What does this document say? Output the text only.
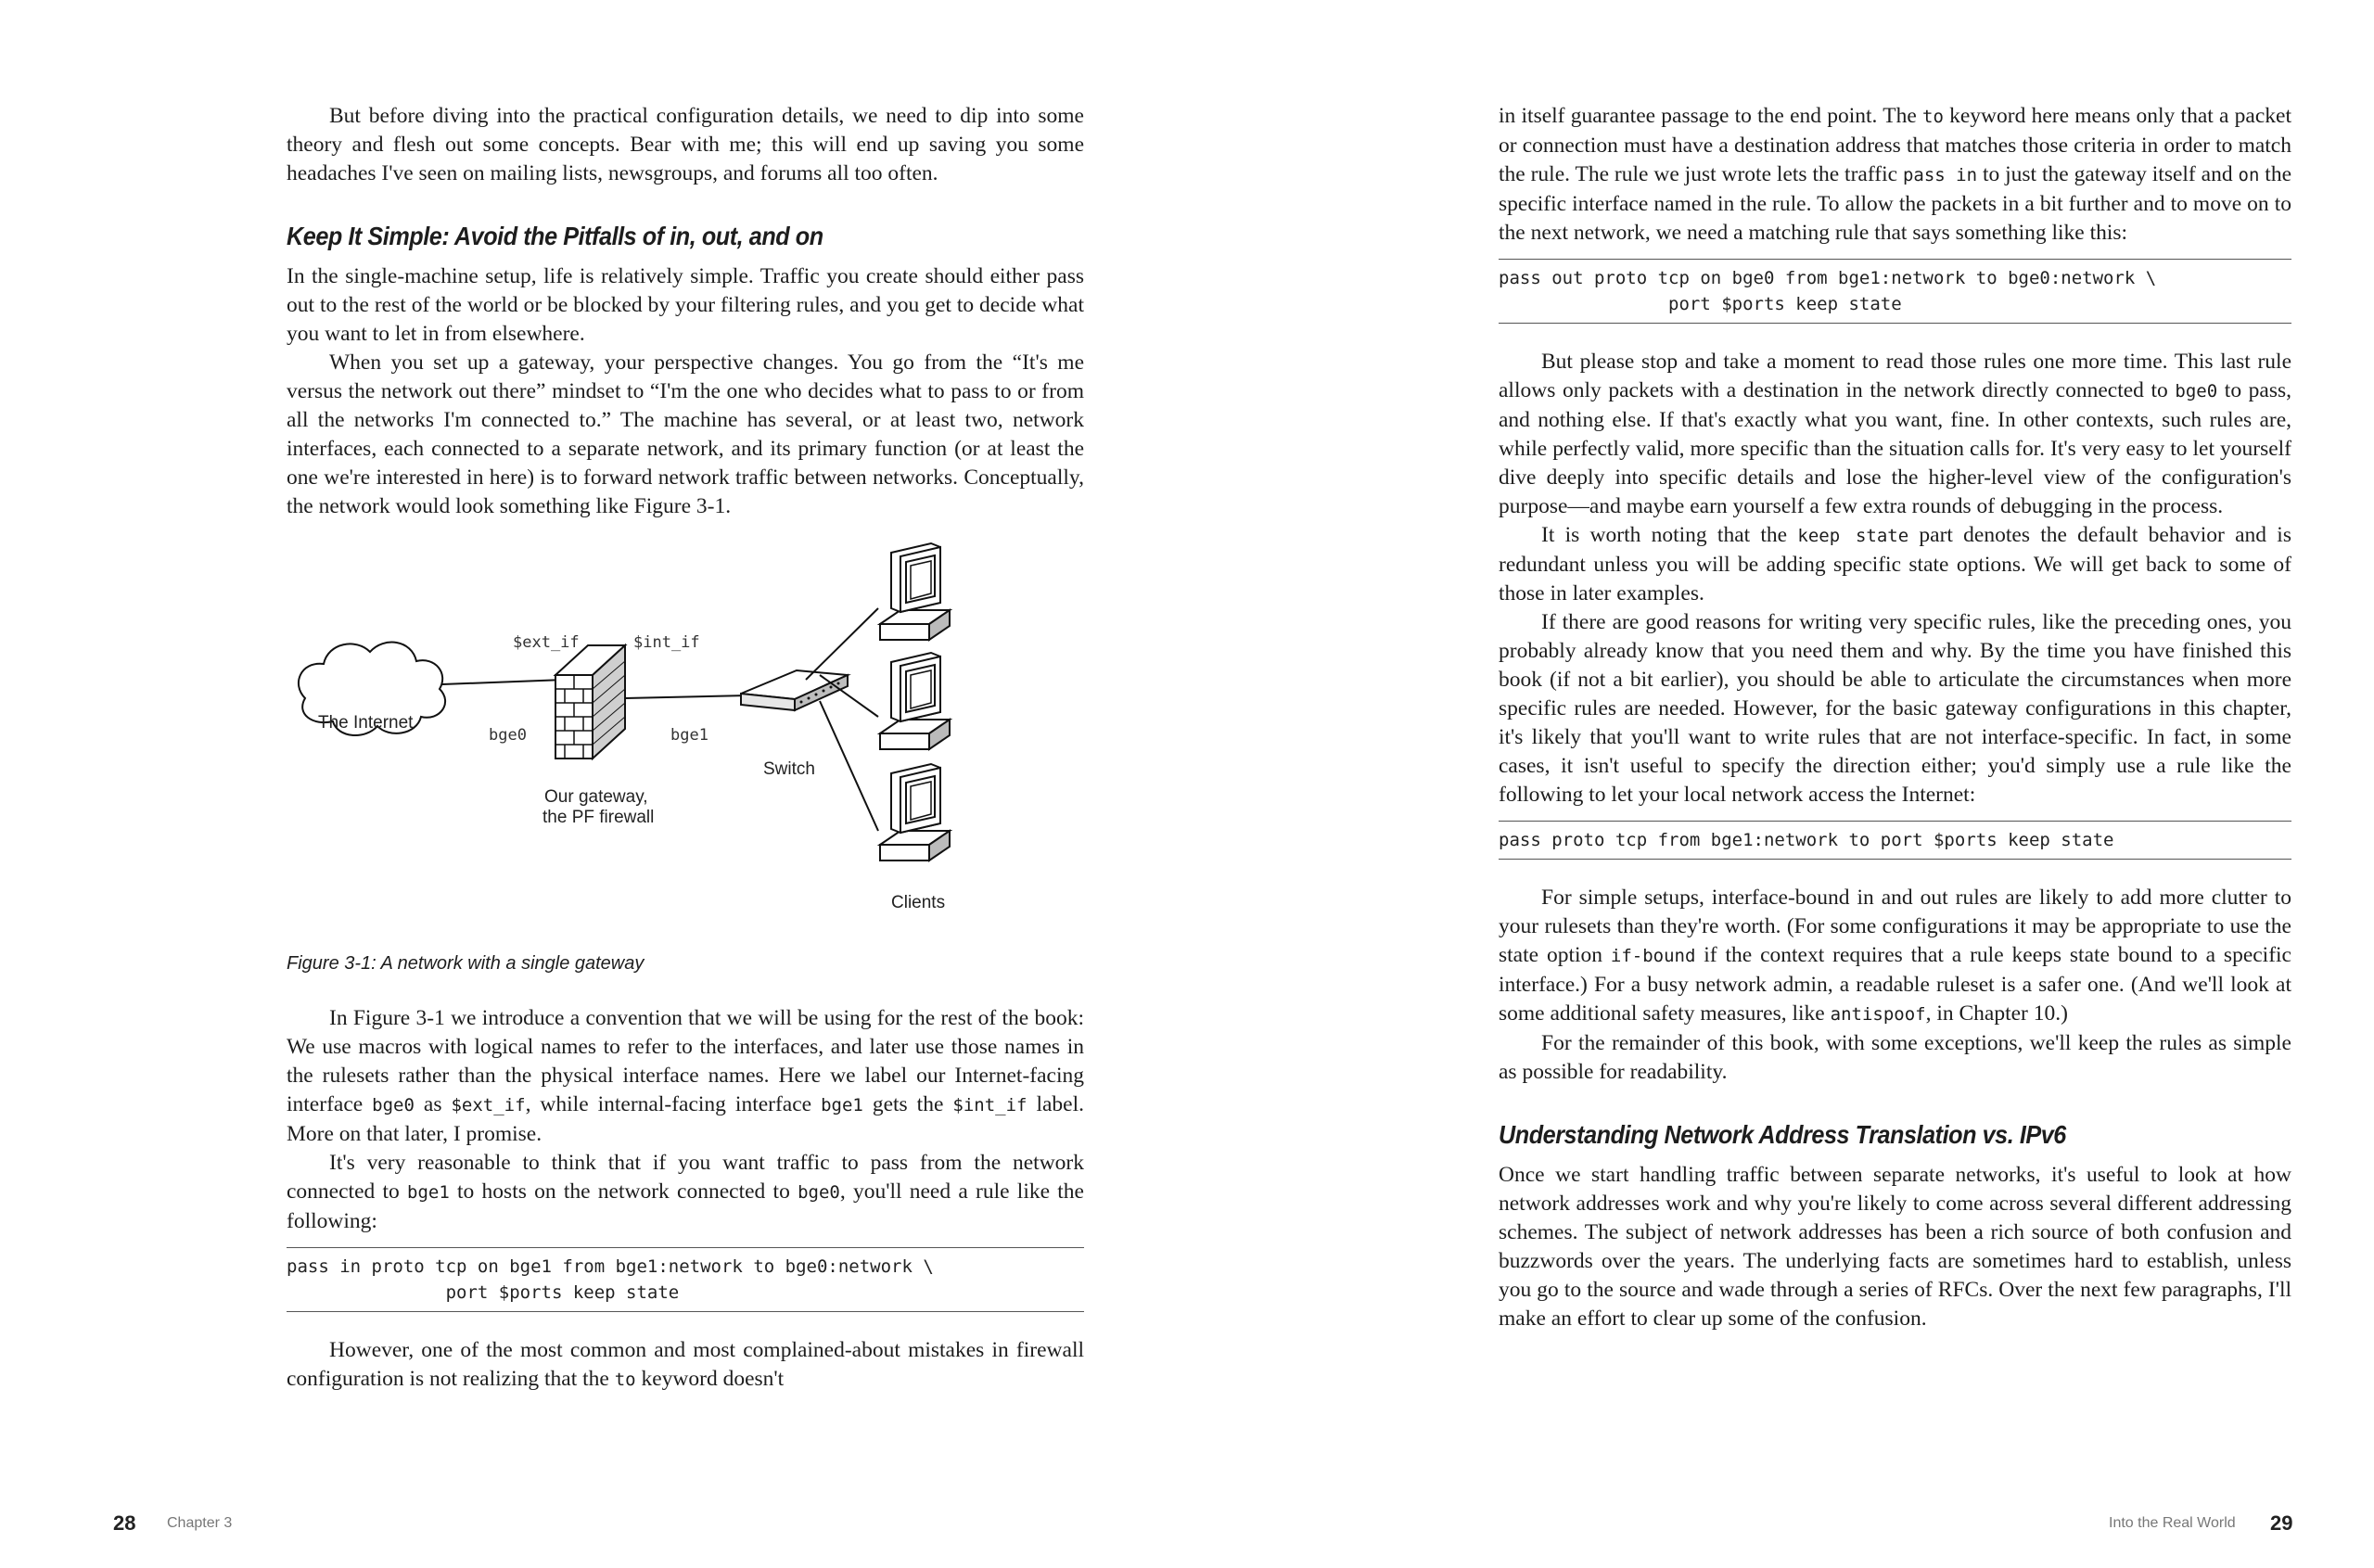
But before diving into the practical configuration details, we need to dip into some theory and flesh out some concepts. Bear with me; this will end up saving you some headaches I've seen on mailing lists, newsgroups, and forums all too often.

Keep It Simple: Avoid the Pitfalls of in, out, and on

In the single-machine setup, life is relatively simple. Traffic you create should either pass out to the rest of the world or be blocked by your filtering rules, and you get to decide what you want to let in from elsewhere.

When you set up a gateway, your perspective changes. You go from the “It's me versus the network out there” mindset to “I'm the one who decides what to pass to or from all the networks I'm connected to.” The machine has several, or at least two, network interfaces, each connected to a separate network, and its primary function (or at least the one we're interested in here) is to forward network traffic between networks. Conceptually, the network would look something like Figure 3-1.

The Internet
$ext_if	$int_if
bge0	bge1
Our gateway,
the PF firewall
Switch
Clients
Figure 3-1: A network with a single gateway

In Figure 3-1 we introduce a convention that we will be using for the rest of the book: We use macros with logical names to refer to the interfaces, and later use those names in the rulesets rather than the physical interface names. Here we label our Internet-facing interface bge0 as $ext_if, while internal-facing interface bge1 gets the $int_if label. More on that later, I promise.

It's very reasonable to think that if you want traffic to pass from the network connected to bge1 to hosts on the network connected to bge0, you'll need a rule like the following:

pass in proto tcp on bge1 from bge1:network to bge0:network \
port $ports keep state

However, one of the most common and most complained-about mistakes in firewall configuration is not realizing that the to keyword doesn't

28 Chapter 3

in itself guarantee passage to the end point. The to keyword here means only that a packet or connection must have a destination address that matches those criteria in order to match the rule. The rule we just wrote lets the traffic pass in to just the gateway itself and on the specific interface named in the rule. To allow the packets in a bit further and to move on to the next network, we need a matching rule that says something like this:

pass out proto tcp on bge0 from bge1:network to bge0:network \
port $ports keep state

But please stop and take a moment to read those rules one more time. This last rule allows only packets with a destination in the network directly connected to bge0 to pass, and nothing else. If that's exactly what you want, fine. In other contexts, such rules are, while perfectly valid, more specific than the situation calls for. It's very easy to let yourself dive deeply into specific details and lose the higher-level view of the configuration's purpose—and maybe earn yourself a few extra rounds of debugging in the process.

It is worth noting that the keep state part denotes the default behavior and is redundant unless you will be adding specific state options. We will get back to some of those in later examples.

If there are good reasons for writing very specific rules, like the preceding ones, you probably already know that you need them and why. By the time you have finished this book (if not a bit earlier), you should be able to articulate the circumstances when more specific rules are needed. However, for the basic gateway configurations in this chapter, it's likely that you'll want to write rules that are not interface-specific. In fact, in some cases, it isn't useful to specify the direction either; you'd simply use a rule like the following to let your local network access the Internet:

pass proto tcp from bge1:network to port $ports keep state

For simple setups, interface-bound in and out rules are likely to add more clutter to your rulesets than they're worth. (For some configurations it may be appropriate to use the state option if-bound if the context requires that a rule keeps state bound to a specific interface.) For a busy network admin, a readable ruleset is a safer one. (And we'll look at some additional safety measures, like antispoof, in Chapter 10.)

For the remainder of this book, with some exceptions, we'll keep the rules as simple as possible for readability.

Understanding Network Address Translation vs. IPv6

Once we start handling traffic between separate networks, it's useful to look at how network addresses work and why you're likely to come across several different addressing schemes. The subject of network addresses has been a rich source of both confusion and buzzwords over the years. The underlying facts are sometimes hard to establish, unless you go to the source and wade through a series of RFCs. Over the next few paragraphs, I'll make an effort to clear up some of the confusion.

Into the Real World 29
